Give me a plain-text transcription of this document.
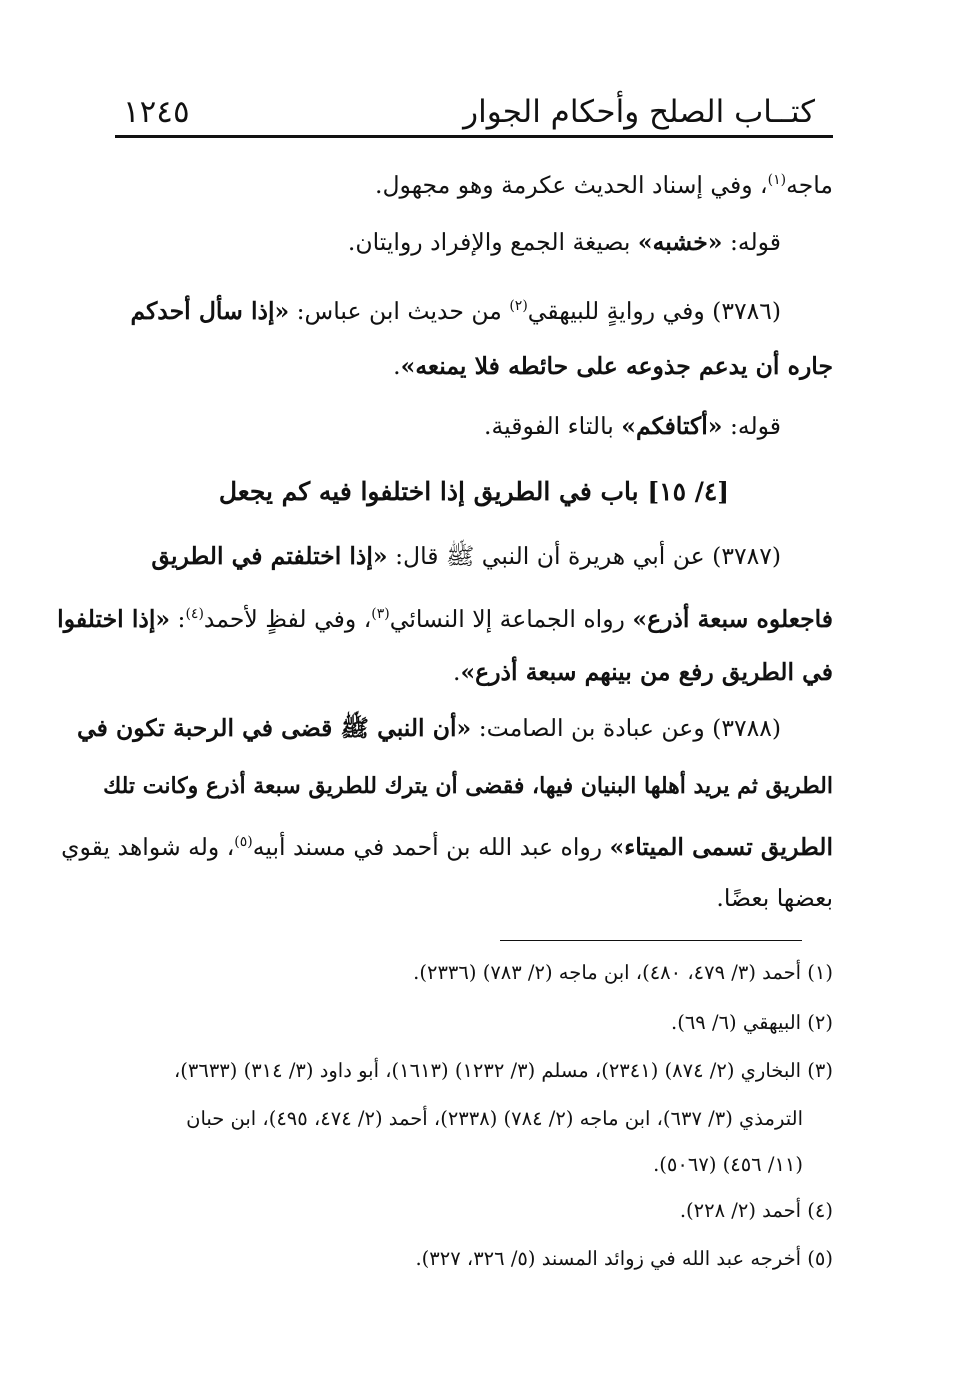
كتــاب الصلح وأحكام الجوار
١٢٤٥
ماجه$^{(١)}$، وفي إسناد الحديث عكرمة وهو مجهول.
قوله: «خشبه» بصيغة الجمع والإفراد روايتان.
(٣٧٨٦) وفي روايةٍ للبيهقي$^{(٢)}$ من حديث ابن عباس: «إذا سأل أحدكم
جاره أن يدعم جذوعه على حائطه فلا يمنعه».
قوله: «أكتافكم» بالتاء الفوقية.
[٤/ ١٥] باب في الطريق إذا اختلفوا فيه كم يجعل
(٣٧٨٧) عن أبي هريرة أن النبي ﷺ قال: «إذا اختلفتم في الطريق
فاجعلوه سبعة أذرع» رواه الجماعة إلا النسائي$^{(٣)}$، وفي لفظٍ لأحمد$^{(٤)}$: «إذا اختلفوا
في الطريق رفع من بينهم سبعة أذرع».
(٣٧٨٨) وعن عبادة بن الصامت: «أن النبي ﷺ قضى في الرحبة تكون في
الطريق ثم يريد أهلها البنيان فيها، فقضى أن يترك للطريق سبعة أذرع وكانت تلك
الطريق تسمى الميتاء» رواه عبد الله بن أحمد في مسند أبيه$^{(٥)}$، وله شواهد يقوي
بعضها بعضًا.
(١) أحمد (٣/ ٤٧٩، ٤٨٠)، ابن ماجه (٢/ ٧٨٣) (٢٣٣٦).
(٢) البيهقي (٦/ ٦٩).
(٣) البخاري (٢/ ٨٧٤) (٢٣٤١)، مسلم (٣/ ١٢٣٢) (١٦١٣)، أبو داود (٣/ ٣١٤) (٣٦٣٣)،
الترمذي (٣/ ٦٣٧)، ابن ماجه (٢/ ٧٨٤) (٢٣٣٨)، أحمد (٢/ ٤٧٤، ٤٩٥)، ابن حبان
(١١/ ٤٥٦) (٥٠٦٧).
(٤) أحمد (٢/ ٢٢٨).
(٥) أخرجه عبد الله في زوائد المسند (٥/ ٣٢٦، ٣٢٧).
